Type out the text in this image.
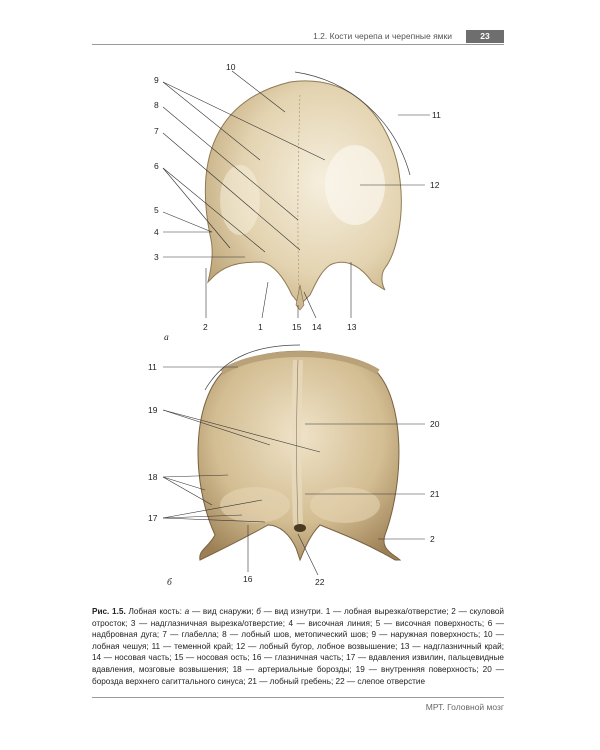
1.2. Кости черепа и черепные ямки	23
10
9
8
7
6
5
4
3
11
12
2	1	15 14	13
а
11
19
18
17
20
21
2
16	22
б
Рис. 1.5. Лобная кость: а — вид снаружи; б — вид изнутри. 1 — лобная вырезка/отверстие; 2 — скуловой отросток; 3 — надглазничная вырезка/отверстие; 4 — височная линия; 5 — височная поверхность; 6 — надбровная дуга; 7 — глабелла; 8 — лобный шов, метопический шов; 9 — наружная поверхность; 10 — лобная чешуя; 11 — теменной край; 12 — лобный бугор, лобное возвышение; 13 — надглазничный край; 14 — носовая часть; 15 — носовая ость; 16 — глазничная часть; 17 — вдавления извилин, пальцевидные вдавления, мозговые возвышения; 18 — артериальные борозды; 19 — внутренняя поверхность; 20 — борозда верхнего сагиттального синуса; 21 — лобный гребень; 22 — слепое отверстие
МРТ. Головной мозг
